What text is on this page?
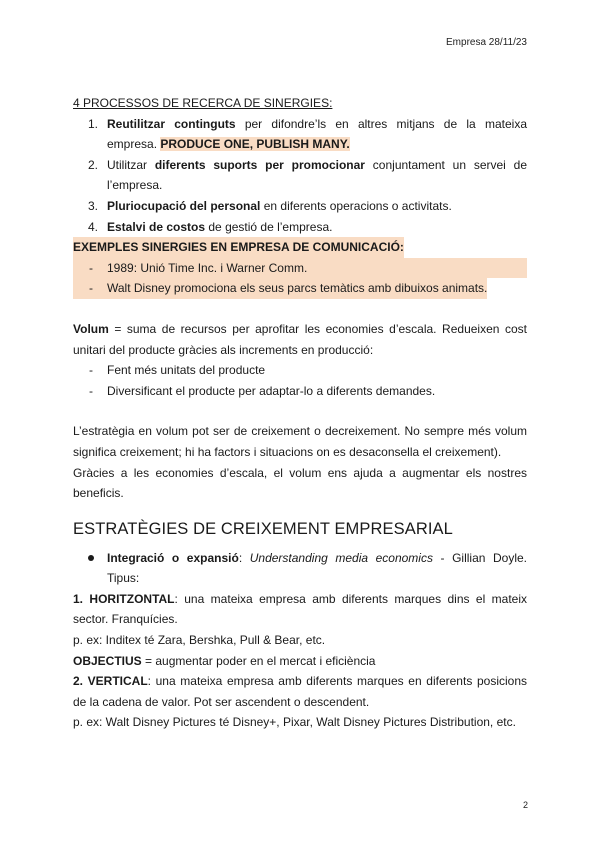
Empresa 28/11/23

4 PROCESSOS DE RECERCA DE SINERGIES:

1. Reutilitzar continguts per difondre’ls en altres mitjans de la mateixa empresa. PRODUCE ONE, PUBLISH MANY.
2. Utilitzar diferents suports per promocionar conjuntament un servei de l’empresa.
3. Pluriocupació del personal en diferents operacions o activitats.
4. Estalvi de costos de gestió de l’empresa.

EXEMPLES SINERGIES EN EMPRESA DE COMUNICACIÓ:

- 1989: Unió Time Inc. i Warner Comm.
- Walt Disney promociona els seus parcs temàtics amb dibuixos animats.

Volum = suma de recursos per aprofitar les economies d’escala. Redueixen cost unitari del producte gràcies als increments en producció:

- Fent més unitats del producte
- Diversificant el producte per adaptar-lo a diferents demandes.

L’estratègia en volum pot ser de creixement o decreixement. No sempre més volum significa creixement; hi ha factors i situacions on es desaconsella el creixement).

Gràcies a les economies d’escala, el volum ens ajuda a augmentar els nostres beneficis.

ESTRATÈGIES DE CREIXEMENT EMPRESARIAL
Integració o expansió: Understanding media economics - Gillian Doyle. Tipus:

1. HORITZONTAL: una mateixa empresa amb diferents marques dins el mateix sector. Franquícies.

p. ex: Inditex té Zara, Bershka, Pull & Bear, etc.

OBJECTIUS = augmentar poder en el mercat i eficiència

2. VERTICAL: una mateixa empresa amb diferents marques en diferents posicions de la cadena de valor. Pot ser ascendent o descendent.

p. ex: Walt Disney Pictures té Disney+, Pixar, Walt Disney Pictures Distribution, etc.

2
